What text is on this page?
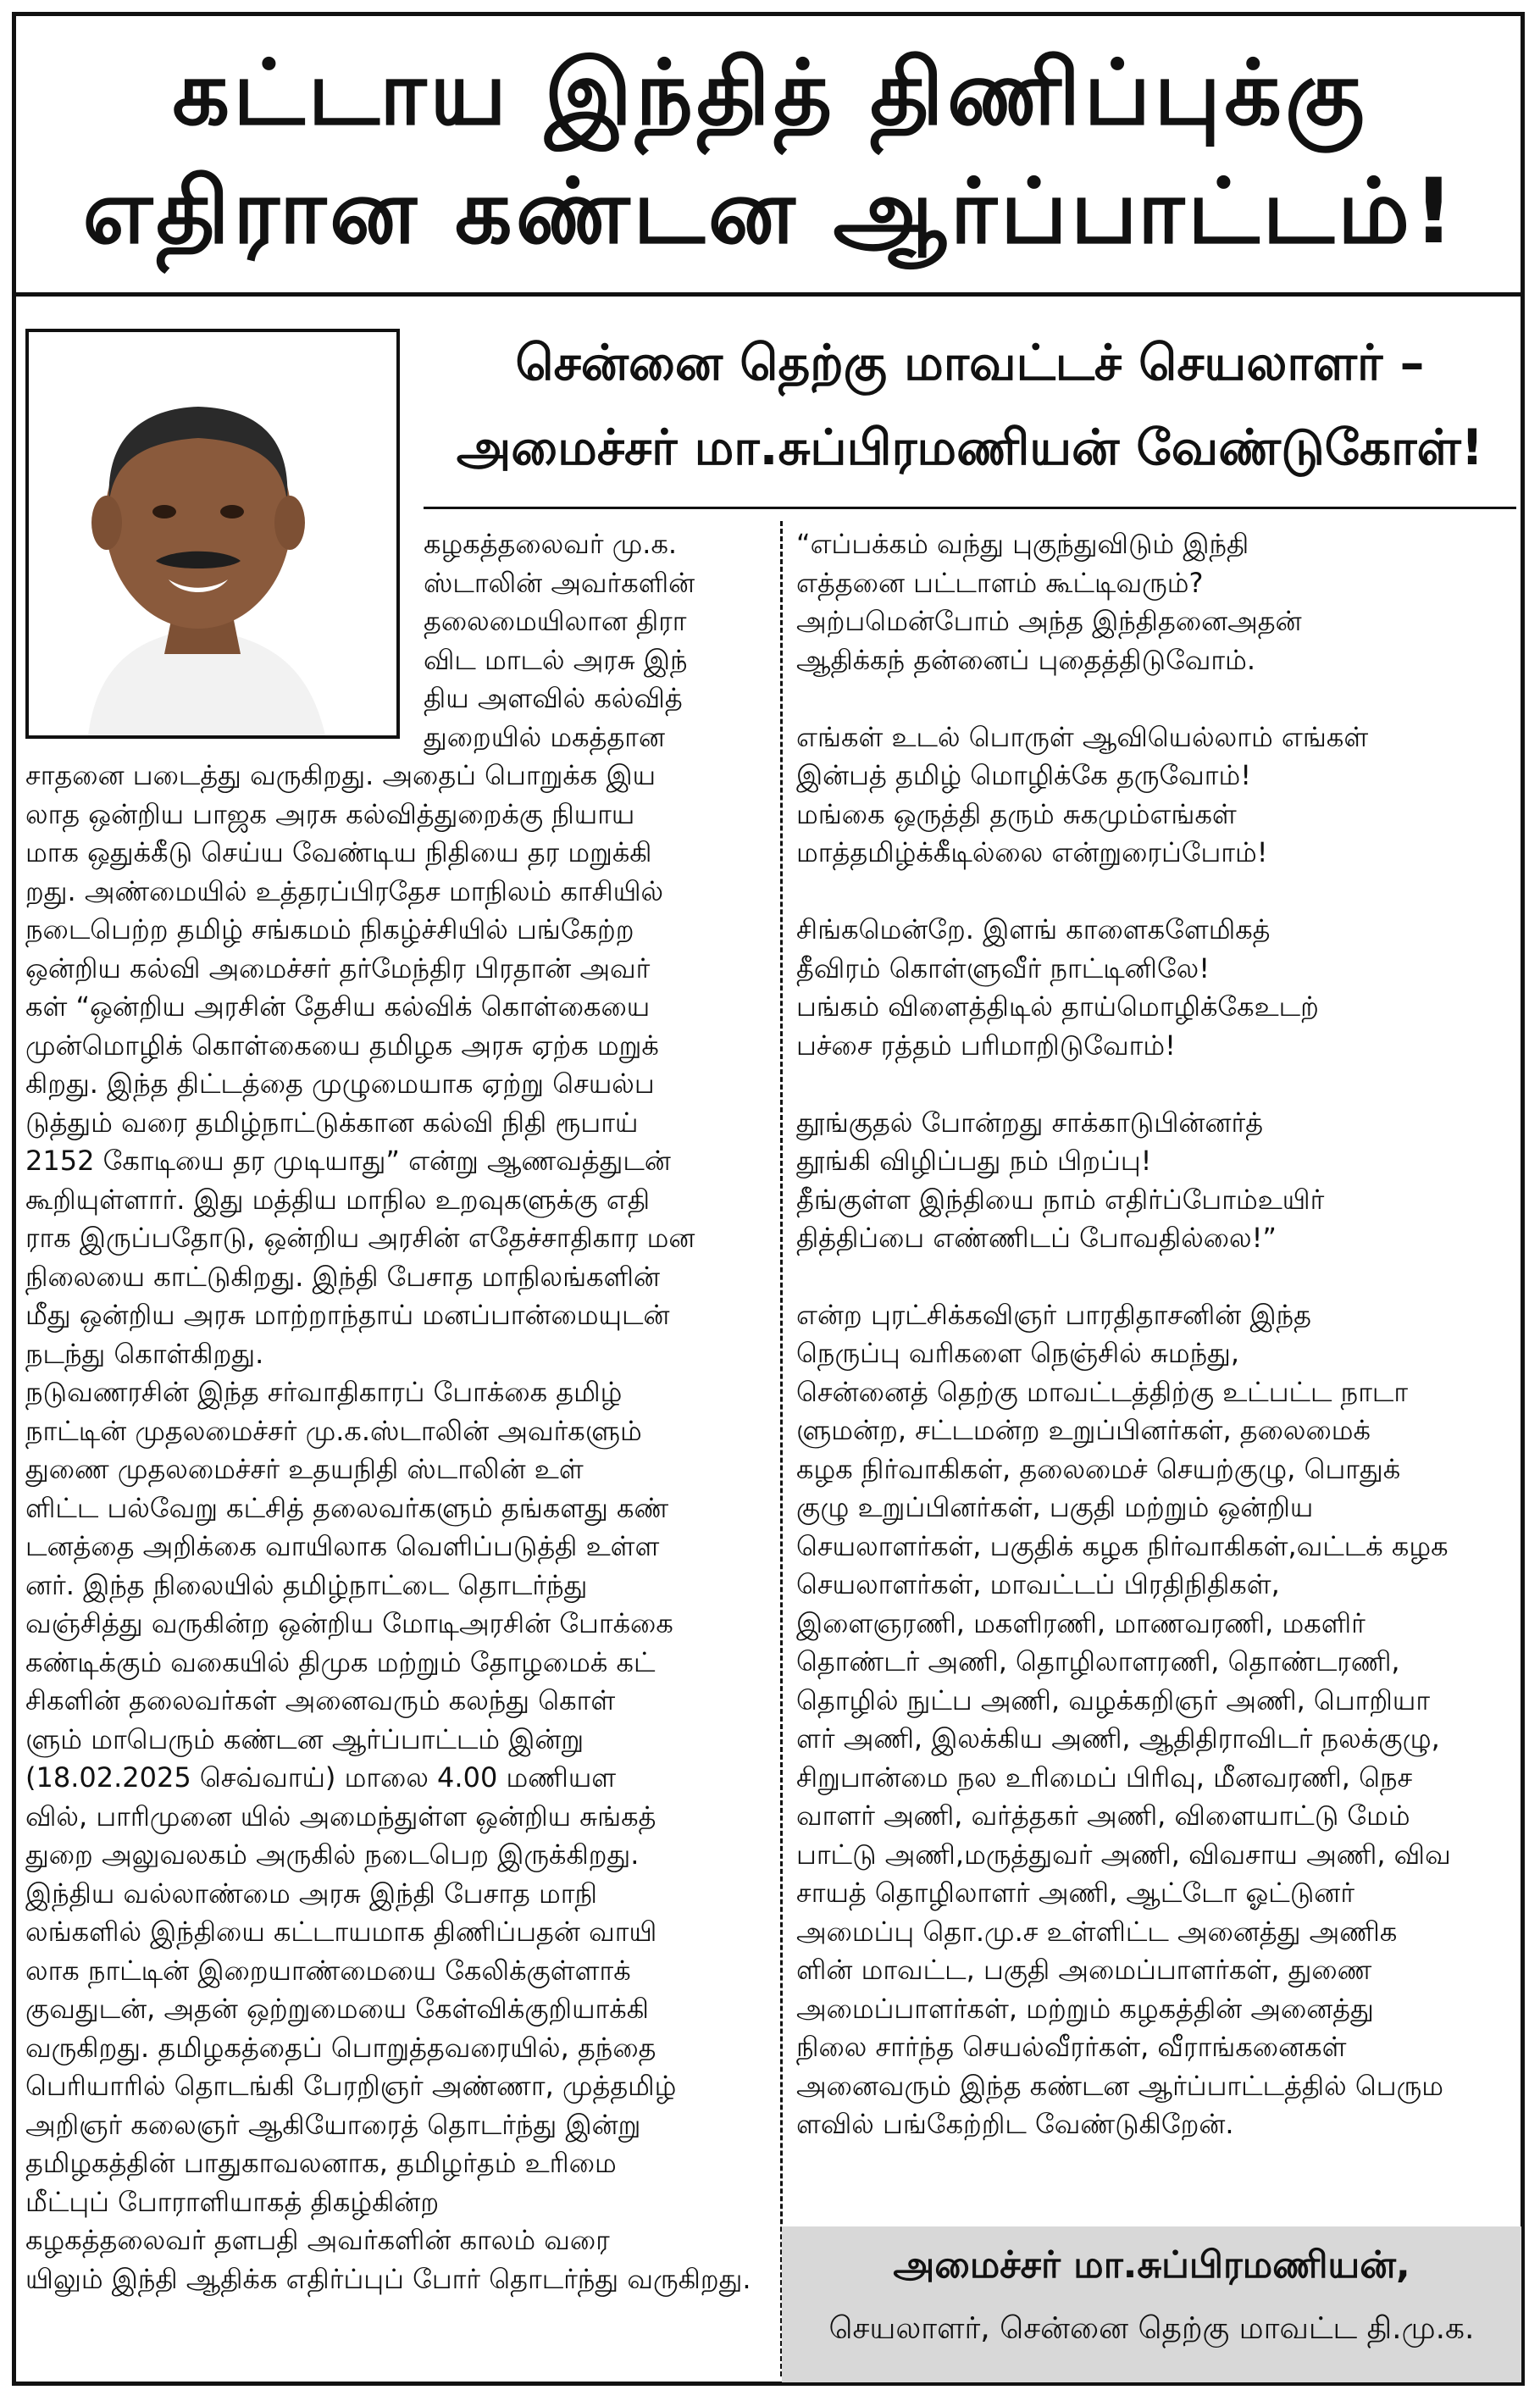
கட்டாய இந்தித் திணிப்புக்கு
எதிரான கண்டன ஆர்ப்பாட்டம்!
சென்னை தெற்கு மாவட்டச் செயலாளர் –
அமைச்சர் மா.சுப்பிரமணியன் வேண்டுகோள்!

கழகத்தலைவர் மு.க.
ஸ்டாலின் அவர்களின்
தலைமையிலான திரா
விட மாடல் அரசு இந்
திய அளவில் கல்வித்
துறையில் மகத்தான

சாதனை படைத்து வருகிறது. அதைப் பொறுக்க இய
லாத ஒன்றிய பாஜக அரசு கல்வித்துறைக்கு நியாய
மாக ஒதுக்கீடு செய்ய வேண்டிய நிதியை தர மறுக்கி
றது. அண்மையில் உத்தரப்பிரதேச மாநிலம் காசியில்
நடைபெற்ற தமிழ் சங்கமம் நிகழ்ச்சியில் பங்கேற்ற
ஒன்றிய கல்வி அமைச்சர் தர்மேந்திர பிரதான் அவர்
கள் “ஒன்றிய அரசின் தேசிய கல்விக் கொள்கையை
முன்மொழிக் கொள்கையை தமிழக அரசு ஏற்க மறுக்
கிறது. இந்த திட்டத்தை முழுமையாக ஏற்று செயல்ப
டுத்தும் வரை தமிழ்நாட்டுக்கான கல்வி நிதி ரூபாய்
2152 கோடியை தர முடியாது” என்று ஆணவத்துடன்
கூறியுள்ளார். இது மத்திய மாநில உறவுகளுக்கு எதி
ராக இருப்பதோடு, ஒன்றிய அரசின் எதேச்சாதிகார மன
நிலையை காட்டுகிறது. இந்தி பேசாத மாநிலங்களின்
மீது ஒன்றிய அரசு மாற்றாந்தாய் மனப்பான்மையுடன்
நடந்து கொள்கிறது.

நடுவணரசின் இந்த சர்வாதிகாரப் போக்கை தமிழ்
நாட்டின் முதலமைச்சர் மு.க.ஸ்டாலின் அவர்களும்
துணை முதலமைச்சர் உதயநிதி ஸ்டாலின் உள்
ளிட்ட பல்வேறு கட்சித் தலைவர்களும் தங்களது கண்
டனத்தை அறிக்கை வாயிலாக வெளிப்படுத்தி உள்ள
னர். இந்த நிலையில் தமிழ்நாட்டை தொடர்ந்து
வஞ்சித்து வருகின்ற ஒன்றிய மோடிஅரசின் போக்கை
கண்டிக்கும் வகையில் திமுக மற்றும் தோழமைக் கட்
சிகளின் தலைவர்கள் அனைவரும் கலந்து கொள்
ளும் மாபெரும் கண்டன ஆர்ப்பாட்டம் இன்று
(18.02.2025 செவ்வாய்) மாலை 4.00 மணியள
வில், பாரிமுனை யில் அமைந்துள்ள ஒன்றிய சுங்கத்
துறை அலுவலகம் அருகில் நடைபெற இருக்கிறது.

இந்திய வல்லாண்மை அரசு இந்தி பேசாத மாநி
லங்களில் இந்தியை கட்டாயமாக திணிப்பதன் வாயி
லாக நாட்டின் இறையாண்மையை கேலிக்குள்ளாக்
குவதுடன், அதன் ஒற்றுமையை கேள்விக்குறியாக்கி
வருகிறது. தமிழகத்தைப் பொறுத்தவரையில், தந்தை
பெரியாரில் தொடங்கி பேரறிஞர் அண்ணா, முத்தமிழ்
அறிஞர் கலைஞர் ஆகியோரைத் தொடர்ந்து இன்று
தமிழகத்தின் பாதுகாவலனாக, தமிழர்தம் உரிமை
மீட்புப் போராளியாகத் திகழ்கின்ற

கழகத்தலைவர் தளபதி அவர்களின் காலம் வரை
யிலும் இந்தி ஆதிக்க எதிர்ப்புப் போர் தொடர்ந்து வருகிறது.

“எப்பக்கம் வந்து புகுந்துவிடும் இந்தி
எத்தனை பட்டாளம் கூட்டிவரும்?
அற்பமென்போம் அந்த இந்திதனைஅதன்
ஆதிக்கந் தன்னைப் புதைத்திடுவோம்.

எங்கள் உடல் பொருள் ஆவியெல்லாம் எங்கள்
இன்பத் தமிழ் மொழிக்கே தருவோம்!
மங்கை ஒருத்தி தரும் சுகமும்எங்கள்
மாத்தமிழ்க்கீடில்லை என்றுரைப்போம்!

சிங்கமென்றே. இளங் காளைகளேமிகத்
தீவிரம் கொள்ளுவீர் நாட்டினிலே!
பங்கம் விளைத்திடில் தாய்மொழிக்கேஉடற்
பச்சை ரத்தம் பரிமாறிடுவோம்!

தூங்குதல் போன்றது சாக்காடுபின்னர்த்
தூங்கி விழிப்பது நம் பிறப்பு!
தீங்குள்ள இந்தியை நாம் எதிர்ப்போம்உயிர்
தித்திப்பை எண்ணிடப் போவதில்லை!”

என்ற புரட்சிக்கவிஞர் பாரதிதாசனின் இந்த
நெருப்பு வரிகளை நெஞ்சில் சுமந்து,
சென்னைத் தெற்கு மாவட்டத்திற்கு உட்பட்ட நாடா
ளுமன்ற, சட்டமன்ற உறுப்பினர்கள், தலைமைக்
கழக நிர்வாகிகள், தலைமைச் செயற்குழு, பொதுக்
குழு உறுப்பினர்கள், பகுதி மற்றும் ஒன்றிய
செயலாளர்கள், பகுதிக் கழக நிர்வாகிகள்,வட்டக் கழக
செயலாளர்கள், மாவட்டப் பிரதிநிதிகள்,
இளைஞரணி, மகளிரணி, மாணவரணி, மகளிர்
தொண்டர் அணி, தொழிலாளரணி, தொண்டரணி,
தொழில் நுட்ப அணி, வழக்கறிஞர் அணி, பொறியா
ளர் அணி, இலக்கிய அணி, ஆதிதிராவிடர் நலக்குழு,
சிறுபான்மை நல உரிமைப் பிரிவு, மீனவரணி, நெச
வாளர் அணி, வர்த்தகர் அணி, விளையாட்டு மேம்
பாட்டு அணி,மருத்துவர் அணி, விவசாய அணி, விவ
சாயத் தொழிலாளர் அணி, ஆட்டோ ஓட்டுனர்
அமைப்பு தொ.மு.ச உள்ளிட்ட அனைத்து அணிக
ளின் மாவட்ட, பகுதி அமைப்பாளர்கள், துணை
அமைப்பாளர்கள், மற்றும் கழகத்தின் அனைத்து
நிலை சார்ந்த செயல்வீரர்கள், வீராங்கனைகள்
அனைவரும் இந்த கண்டன ஆர்ப்பாட்டத்தில் பெரும
ளவில் பங்கேற்றிட வேண்டுகிறேன்.

அமைச்சர் மா.சுப்பிரமணியன்,
செயலாளர், சென்னை தெற்கு மாவட்ட தி.மு.க.
